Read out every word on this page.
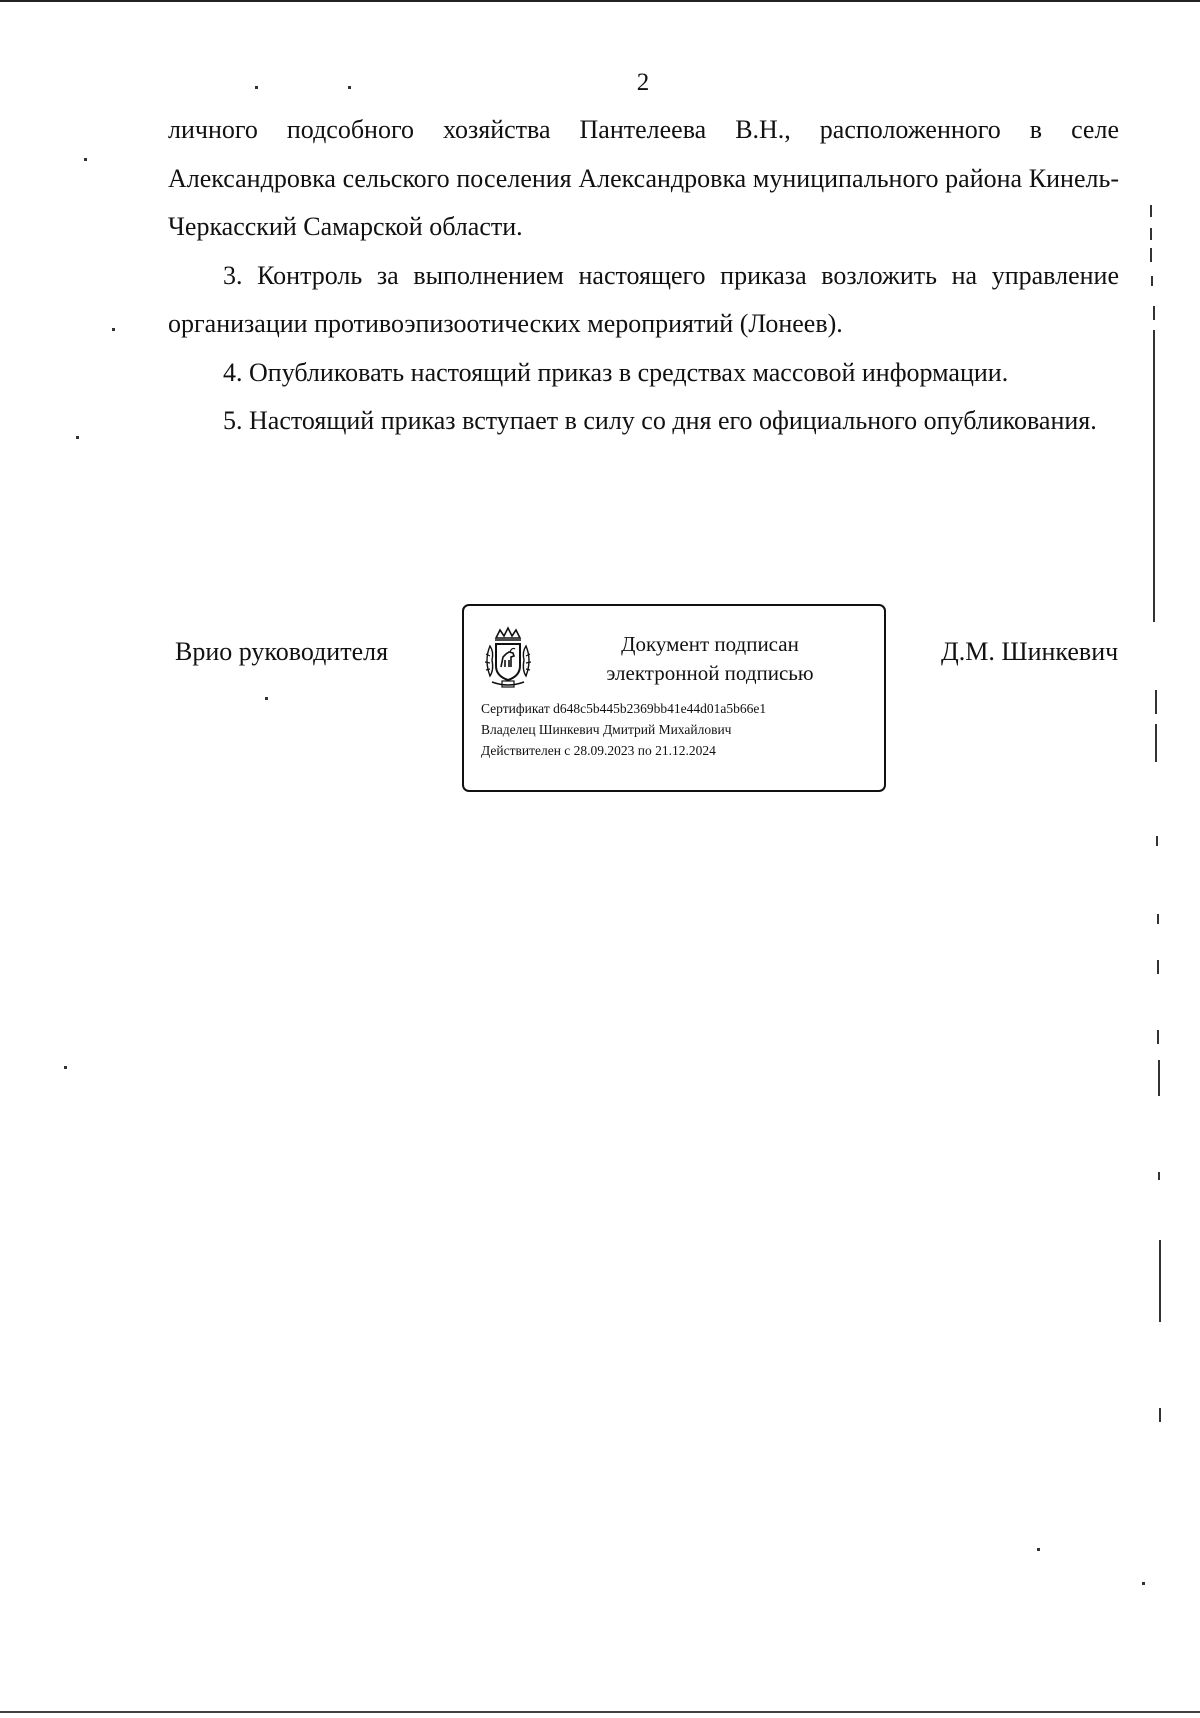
2

личного подсобного хозяйства Пантелеева В.Н., расположенного в селе Александровка сельского поселения Александровка муниципального района Кинель-Черкасский Самарской области.

3. Контроль за выполнением настоящего приказа возложить на управление организации противоэпизоотических мероприятий (Лонеев).

4. Опубликовать настоящий приказ в средствах массовой информации.

5. Настоящий приказ вступает в силу со дня его официального опубликования.

Врио руководителя	Документ подписан
электронной подписью
Сертификат d648c5b445b2369bb41e44d01a5b66e1
Владелец Шинкевич Дмитрий Михайлович
Действителен с 28.09.2023 по 21.12.2024
Д.М. Шинкевич
